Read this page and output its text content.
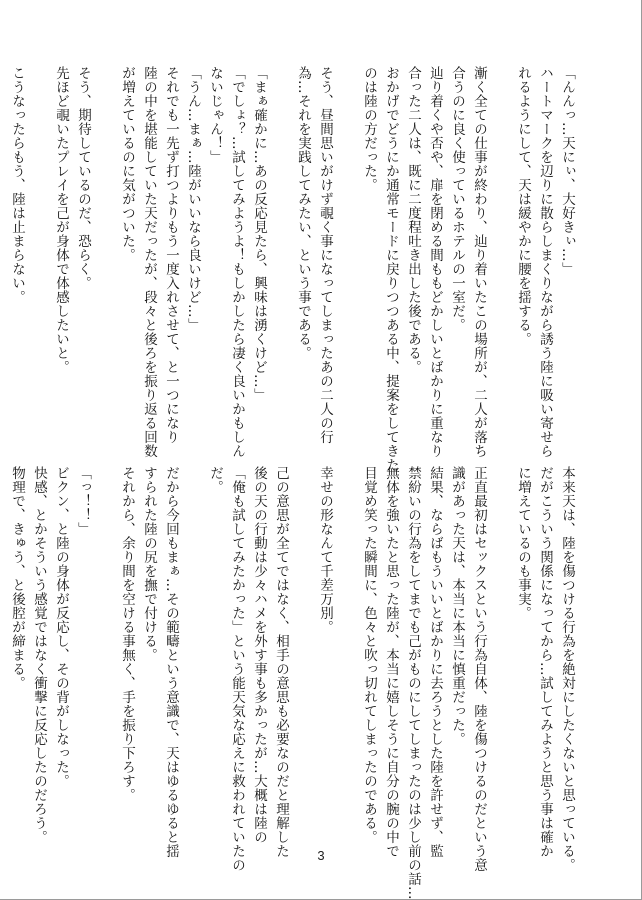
「んんっ…天にぃ、大好きぃ…」
ハートマークを辺りに散らしまくりながら誘う陸に吸い寄せら
れるようにして、天は緩やかに腰を揺する。
漸く全ての仕事が終わり、辿り着いたこの場所が、二人が落ち
合うのに良く使っているホテルの一室だ。
辿り着くや否や、扉を閉める間ももどかしいとばかりに重なり
合った二人は、既に二度程吐き出した後である。
おかげでどうにか通常モードに戻りつつある中、提案をしてきた
のは陸の方だった。
そう、昼間思いがけず覗く事になってしまったあの二人の行
為…それを実践してみたい、という事である。
「まぁ確かに…あの反応見たら、興味は湧くけど…」
「でしょ？…試してみようよ！もしかしたら凄く良いかもしん
ないじゃん！」
「うん…まぁ…陸がいいなら良いけど…」
それでも一先ず打つよりもう一度入れさせて、と一つになり
陸の中を堪能していた天だったが、段々と後ろを振り返る回数
が増えているのに気がついた。
そう、期待しているのだ、恐らく。
先ほど覗いたプレイを己が身体で体感したいと。
こうなったらもう、陸は止まらない。
本来天は、陸を傷つける行為を絶対にしたくないと思っている。
だがこういう関係になってから…試してみようと思う事は確か
に増えているのも事実。
正直最初はセックスという行為自体、陸を傷つけるのだという意
識があった天は、本当に本当に慎重だった。
結果、ならばもういいとばかりに去ろうとした陸を許せず、監
禁紛いの行為をしてまでも己がものにしてしまったのは少し前の話…
無体を強いたと思った陸が、本当に嬉しそうに自分の腕の中で
目覚め笑った瞬間に、色々と吹っ切れてしまったのである。
幸せの形なんて千差万別。
己の意思が全てではなく、相手の意思も必要なのだと理解した
後の天の行動は少々ハメを外す事も多かったが…大概は陸の
「俺も試してみたかった」という能天気な応えに救われていたの
だ。
だから今回もまぁ…その範疇という意識で、天はゆるゆると揺
すられた陸の尻を撫で付ける。
それから、余り間を空ける事無く、手を振り下ろす。
「っ！！」
ビクン、と陸の身体が反応し、その背がしなった。
快感、とかそういう感覚ではなく衝撃に反応したのだろう。
物理で、きゅう、と後腔が締まる。
3
